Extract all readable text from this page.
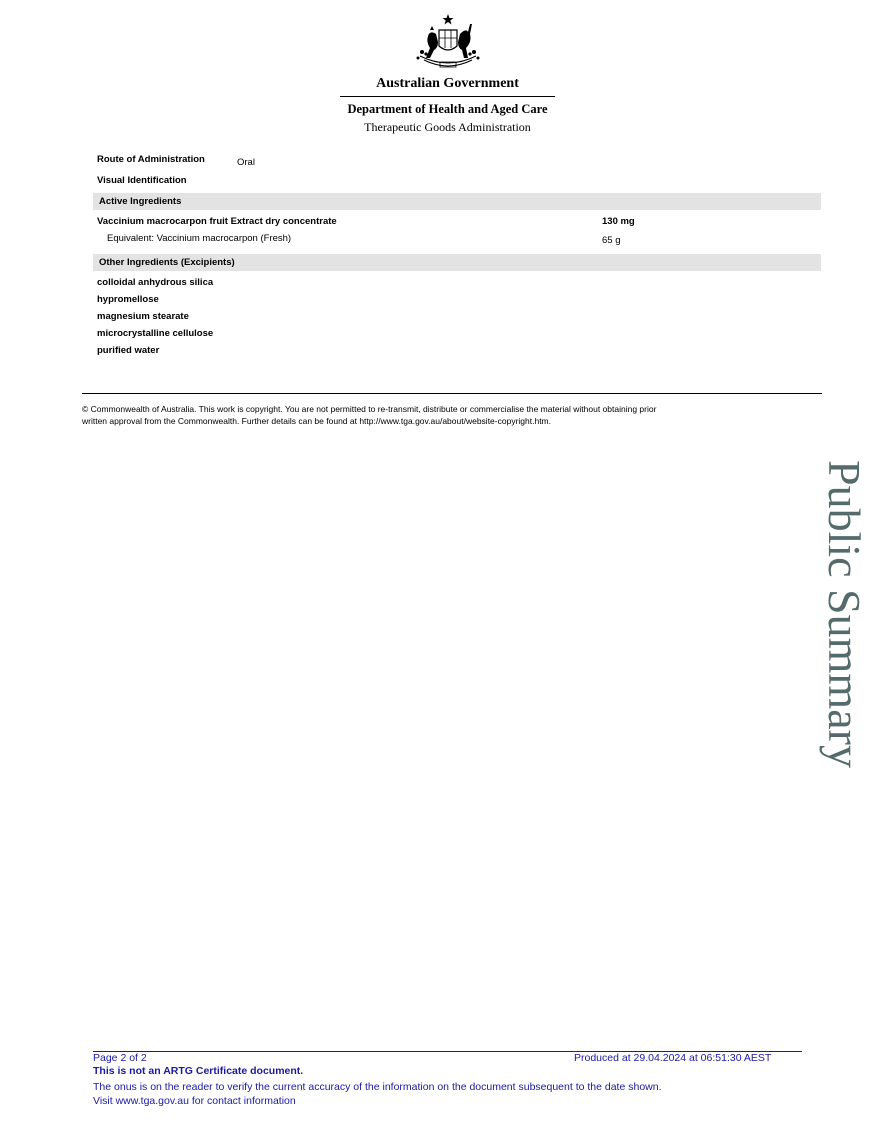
Australian Government
Department of Health and Aged Care
Therapeutic Goods Administration
Route of Administration	Oral
Visual Identification
Active Ingredients
Vaccinium macrocarpon fruit Extract dry concentrate	130 mg
Equivalent: Vaccinium macrocarpon (Fresh)	65 g
Other Ingredients (Excipients)
colloidal anhydrous silica
hypromellose
magnesium stearate
microcrystalline cellulose
purified water
© Commonwealth of Australia. This work is copyright. You are not permitted to re-transmit, distribute or commercialise the material without obtaining prior
written approval from the Commonwealth. Further details can be found at http://www.tga.gov.au/about/website-copyright.htm.
Public Summary
Page 2 of 2	Produced at 29.04.2024 at 06:51:30 AEST
This is not an ARTG Certificate document.
The onus is on the reader to verify the current accuracy of the information on the document subsequent to the date shown.
Visit www.tga.gov.au for contact information
